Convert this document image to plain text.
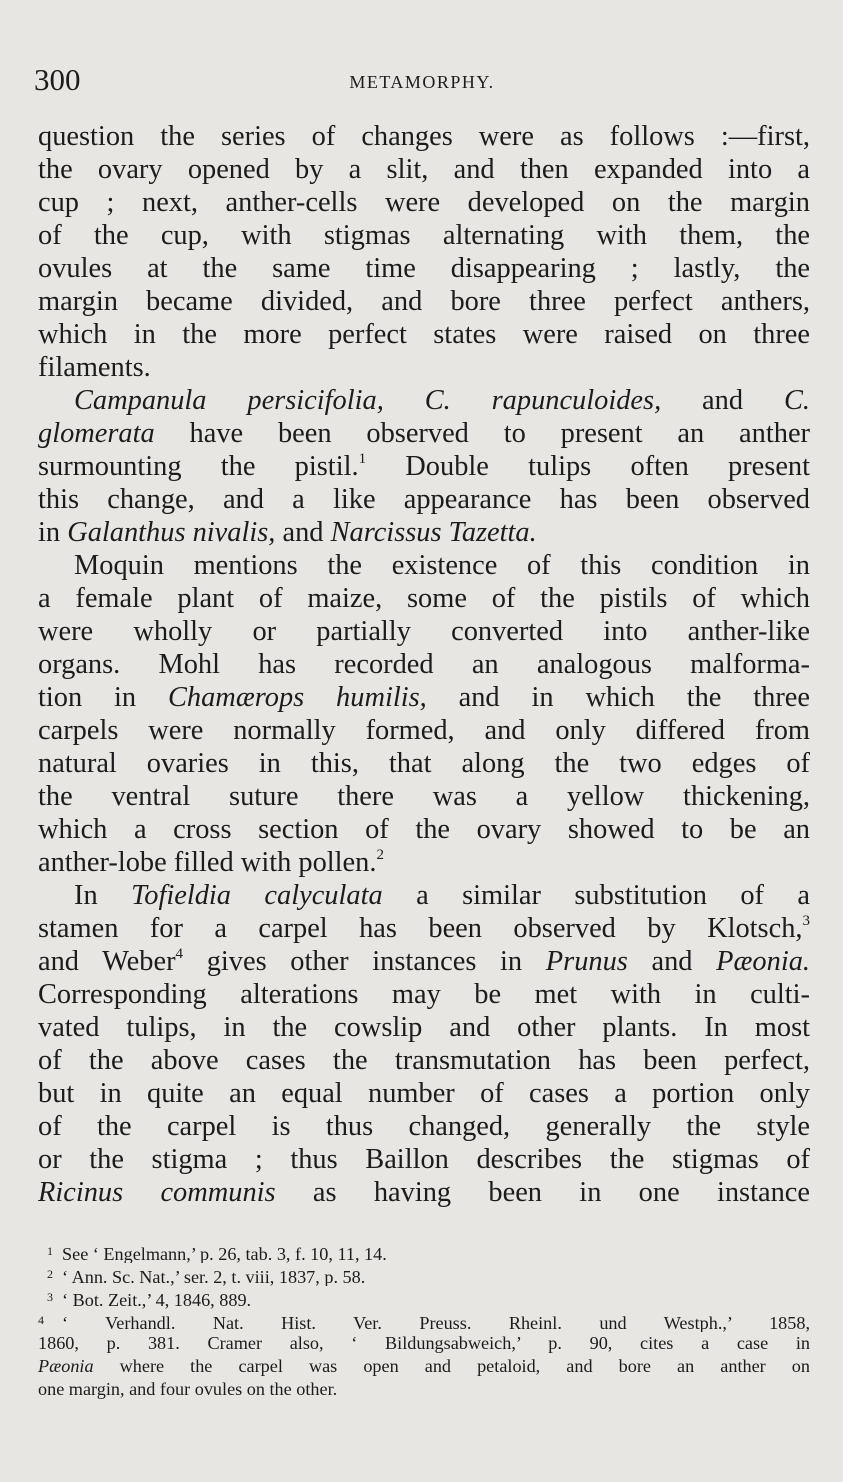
300	METAMORPHY.
question the series of changes were as follows :—first,
the ovary opened by a slit, and then expanded into a
cup ; next, anther-cells were developed on the margin
of the cup, with stigmas alternating with them, the
ovules at the same time disappearing ; lastly, the
margin became divided, and bore three perfect anthers,
which in the more perfect states were raised on three
filaments.
Campanula persicifolia, C. rapunculoides, and C.
glomerata have been observed to present an anther
surmounting the pistil.$^1$ Double tulips often present
this change, and a like appearance has been observed
in Galanthus nivalis, and Narcissus Tazetta.
Moquin mentions the existence of this condition in
a female plant of maize, some of the pistils of which
were wholly or partially converted into anther-like
organs. Mohl has recorded an analogous malforma-
tion in Chamærops humilis, and in which the three
carpels were normally formed, and only differed from
natural ovaries in this, that along the two edges of
the ventral suture there was a yellow thickening,
which a cross section of the ovary showed to be an
anther-lobe filled with pollen.$^2$
In Tofieldia calyculata a similar substitution of a
stamen for a carpel has been observed by Klotsch,$^3$
and Weber$^4$ gives other instances in Prunus and Pæonia.
Corresponding alterations may be met with in culti-
vated tulips, in the cowslip and other plants. In most
of the above cases the transmutation has been perfect,
but in quite an equal number of cases a portion only
of the carpel is thus changed, generally the style
or the stigma ; thus Baillon describes the stigmas of
Ricinus communis as having been in one instance
1 See ‘ Engelmann,’ p. 26, tab. 3, f. 10, 11, 14.
2 ‘ Ann. Sc. Nat.,’ ser. 2, t. viii, 1837, p. 58.
3 ‘ Bot. Zeit.,’ 4, 1846, 889.
4 ‘ Verhandl. Nat. Hist. Ver. Preuss. Rheinl. und Westph.,’ 1858,
1860, p. 381. Cramer also, ‘ Bildungsabweich,’ p. 90, cites a case in
Pæonia where the carpel was open and petaloid, and bore an anther on
one margin, and four ovules on the other.
